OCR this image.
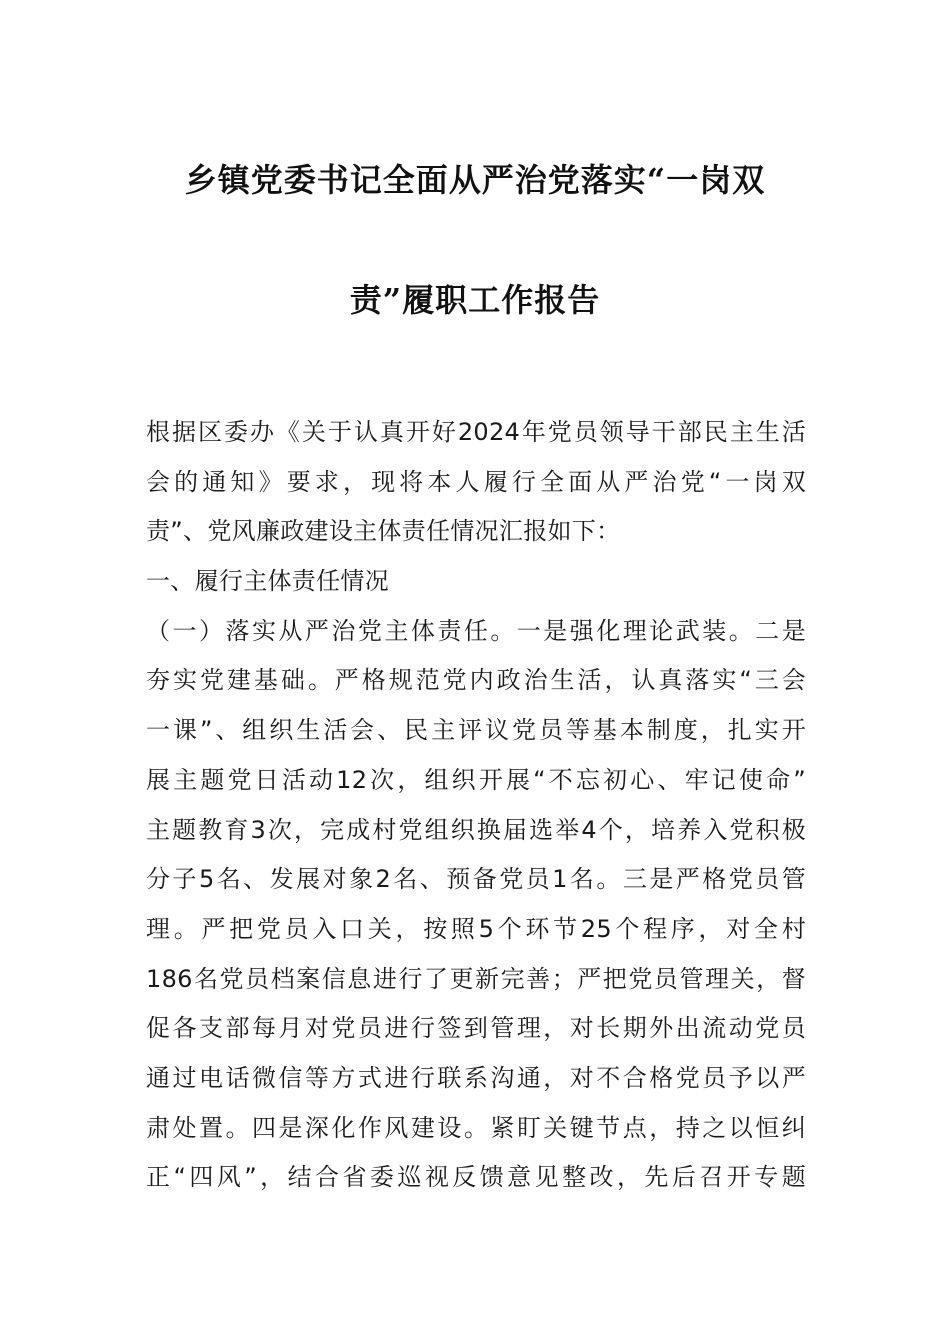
乡镇党委书记全面从严治党落实“一岗双
责”履职工作报告
根据区委办《关于认真开好2024年党员领导干部民主生活
会的通知》要求，现将本人履行全面从严治党“一岗双
责”、党风廉政建设主体责任情况汇报如下：
一、履行主体责任情况
（一）落实从严治党主体责任。一是强化理论武装。二是
夯实党建基础。严格规范党内政治生活，认真落实“三会
一课”、组织生活会、民主评议党员等基本制度，扎实开
展主题党日活动12次，组织开展“不忘初心、牢记使命”
主题教育3次，完成村党组织换届选举4个，培养入党积极
分子5名、发展对象2名、预备党员1名。三是严格党员管
理。严把党员入口关，按照5个环节25个程序，对全村
186名党员档案信息进行了更新完善；严把党员管理关，督
促各支部每月对党员进行签到管理，对长期外出流动党员
通过电话微信等方式进行联系沟通，对不合格党员予以严
肃处置。四是深化作风建设。紧盯关键节点，持之以恒纠
正“四风”，结合省委巡视反馈意见整改，先后召开专题
